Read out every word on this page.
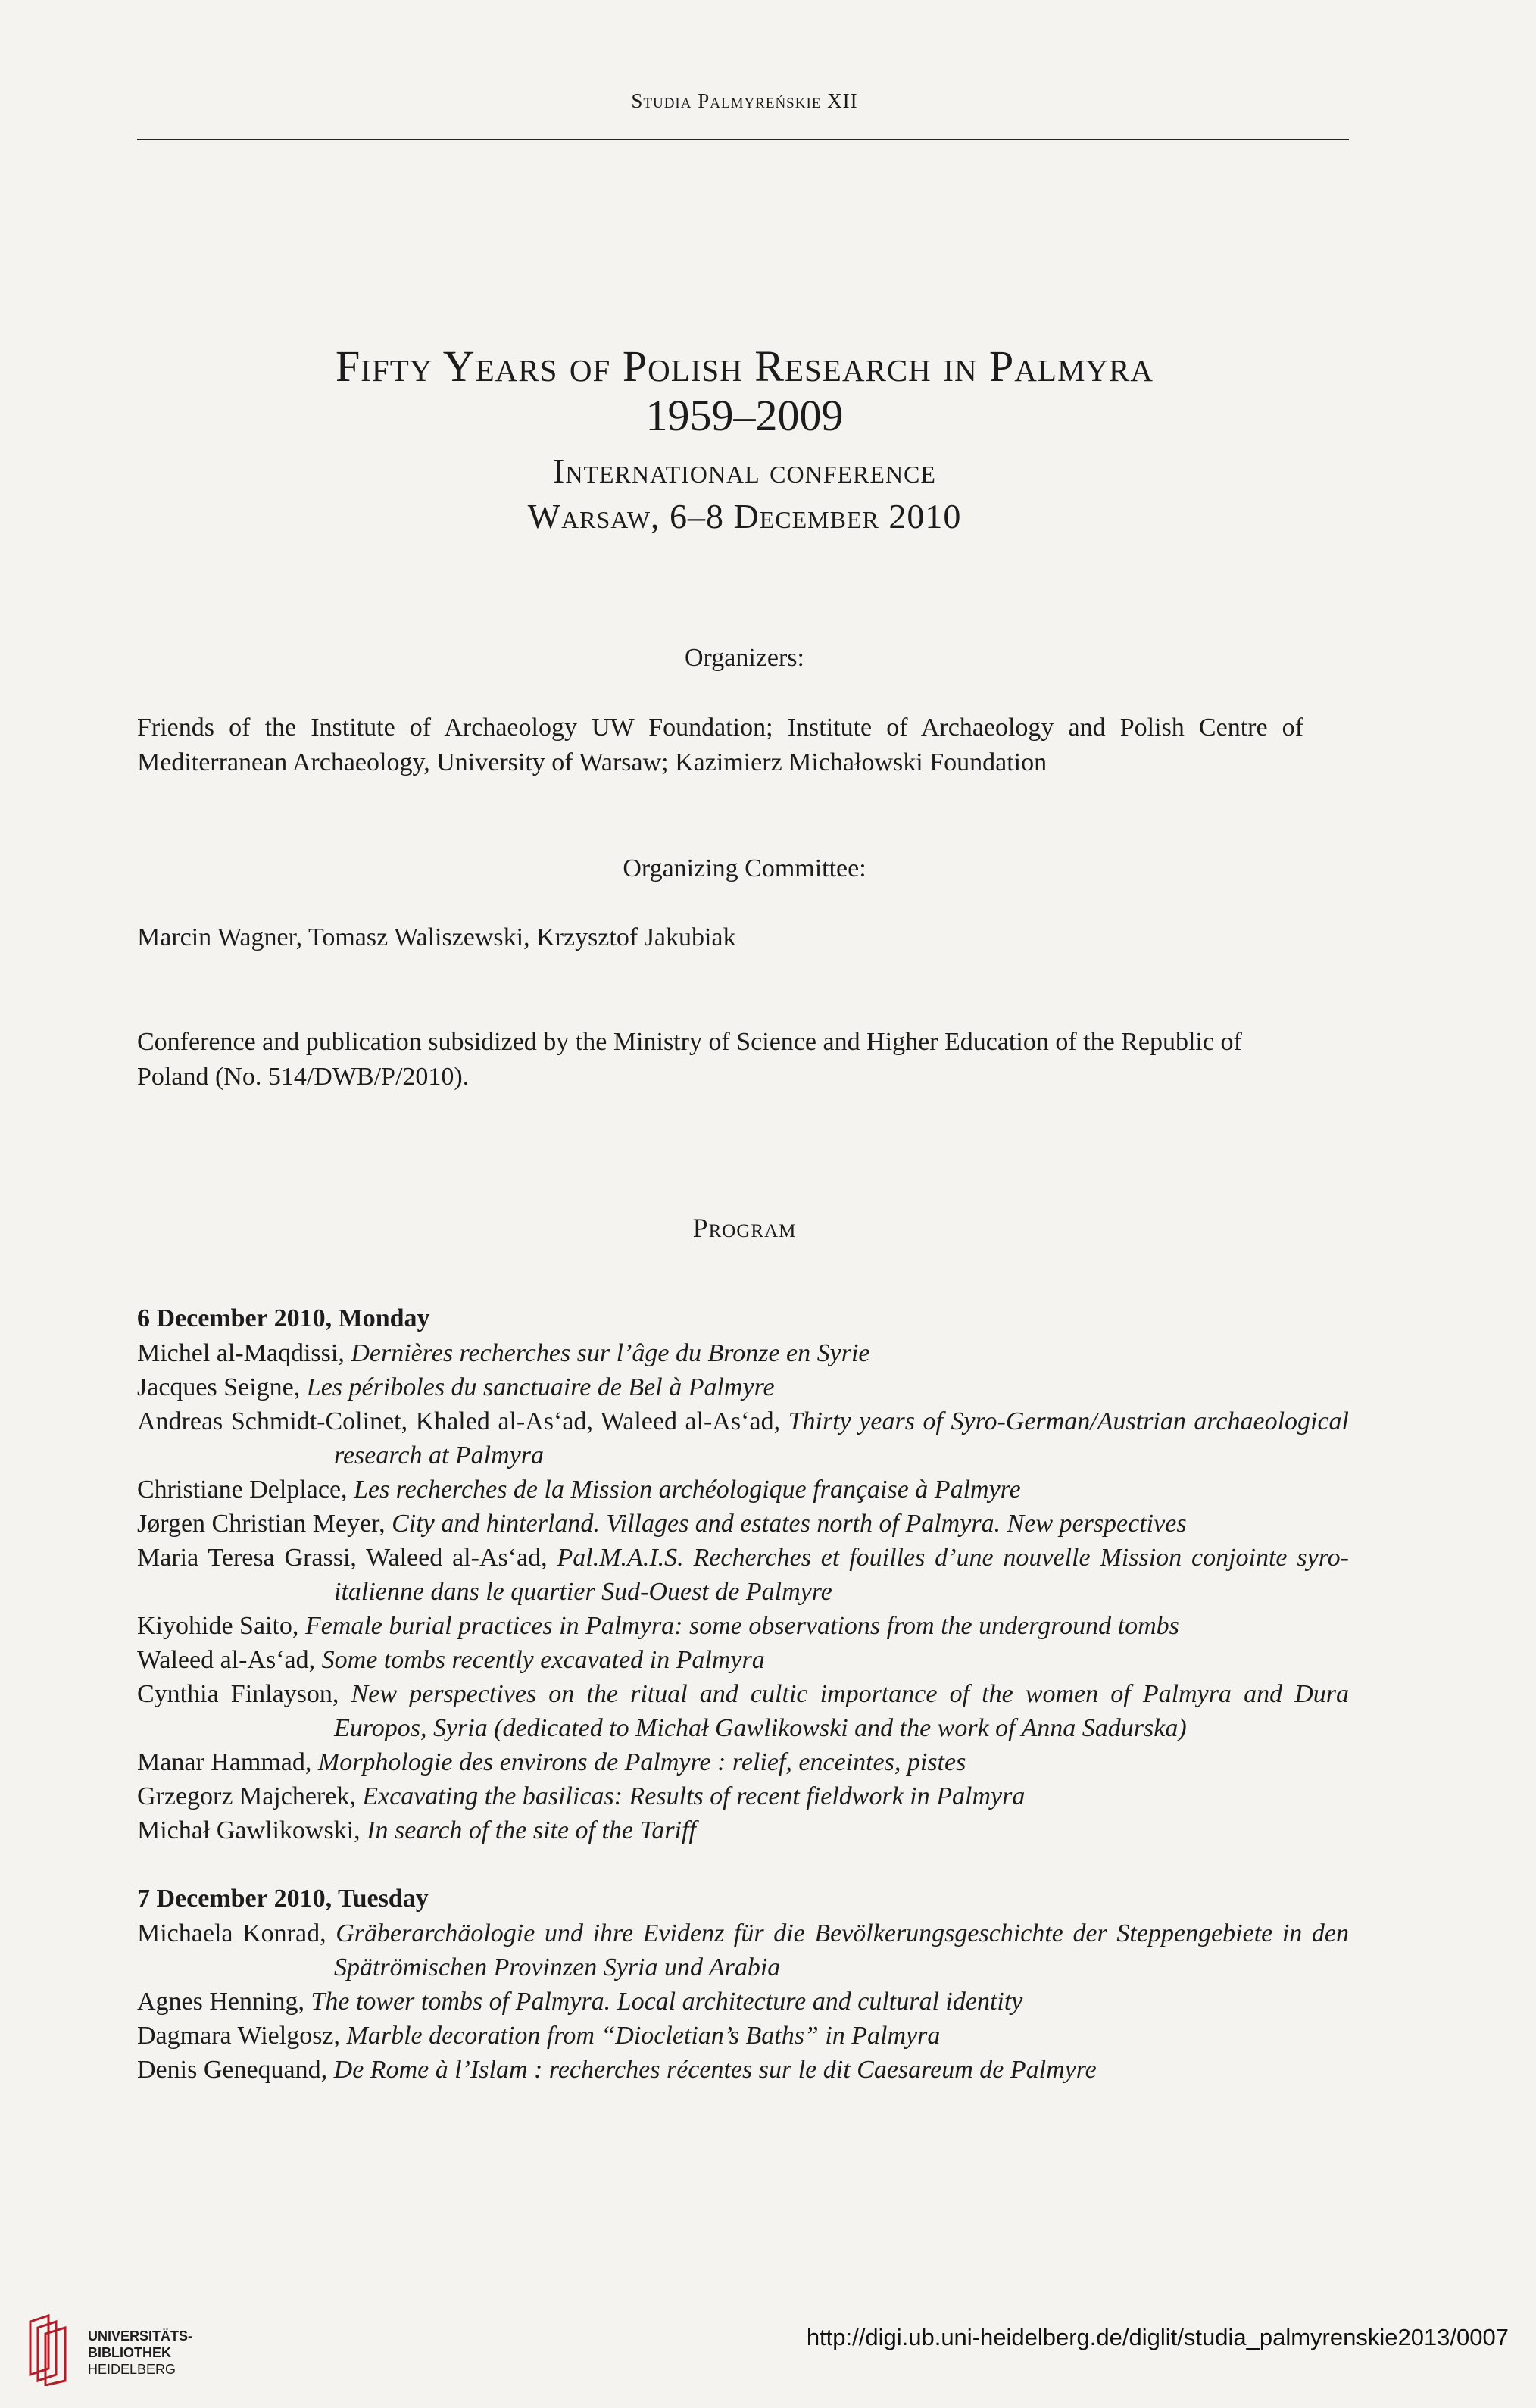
Studia Palmyreńskie XII
Fifty Years of Polish Research in Palmyra
1959–2009
International conference
Warsaw, 6–8 December 2010
Organizers:
Friends of the Institute of Archaeology UW Foundation; Institute of Archaeology and Polish Centre of Mediterranean Archaeology, University of Warsaw; Kazimierz Michałowski Foundation
Organizing Committee:
Marcin Wagner, Tomasz Waliszewski, Krzysztof Jakubiak
Conference and publication subsidized by the Ministry of Science and Higher Education of the Republic of Poland (No. 514/DWB/P/2010).
Program
6 December 2010, Monday
Michel al-Maqdissi, Dernières recherches sur l’âge du Bronze en Syrie
Jacques Seigne, Les périboles du sanctuaire de Bel à Palmyre
Andreas Schmidt-Colinet, Khaled al-As‘ad, Waleed al-As‘ad, Thirty years of Syro-German/Austrian archaeological research at Palmyra
Christiane Delplace, Les recherches de la Mission archéologique française à Palmyre
Jørgen Christian Meyer, City and hinterland. Villages and estates north of Palmyra. New perspectives
Maria Teresa Grassi, Waleed al-As‘ad, Pal.M.A.I.S. Recherches et fouilles d’une nouvelle Mission conjointe syro-italienne dans le quartier Sud-Ouest de Palmyre
Kiyohide Saito, Female burial practices in Palmyra: some observations from the underground tombs
Waleed al-As‘ad, Some tombs recently excavated in Palmyra
Cynthia Finlayson, New perspectives on the ritual and cultic importance of the women of Palmyra and Dura Europos, Syria (dedicated to Michał Gawlikowski and the work of Anna Sadurska)
Manar Hammad, Morphologie des environs de Palmyre : relief, enceintes, pistes
Grzegorz Majcherek, Excavating the basilicas: Results of recent fieldwork in Palmyra
Michał Gawlikowski, In search of the site of the Tariff
7 December 2010, Tuesday
Michaela Konrad, Gräberarchäologie und ihre Evidenz für die Bevölkerungsgeschichte der Steppengebiete in den Spätrömischen Provinzen Syria und Arabia
Agnes Henning, The tower tombs of Palmyra. Local architecture and cultural identity
Dagmara Wielgosz, Marble decoration from “Diocletian’s Baths” in Palmyra
Denis Genequand, De Rome à l’Islam : recherches récentes sur le dit Caesareum de Palmyre
UNIVERSITÄTS-
BIBLIOTHEK
HEIDELBERG
http://digi.ub.uni-heidelberg.de/diglit/studia_palmyrenskie2013/0007
